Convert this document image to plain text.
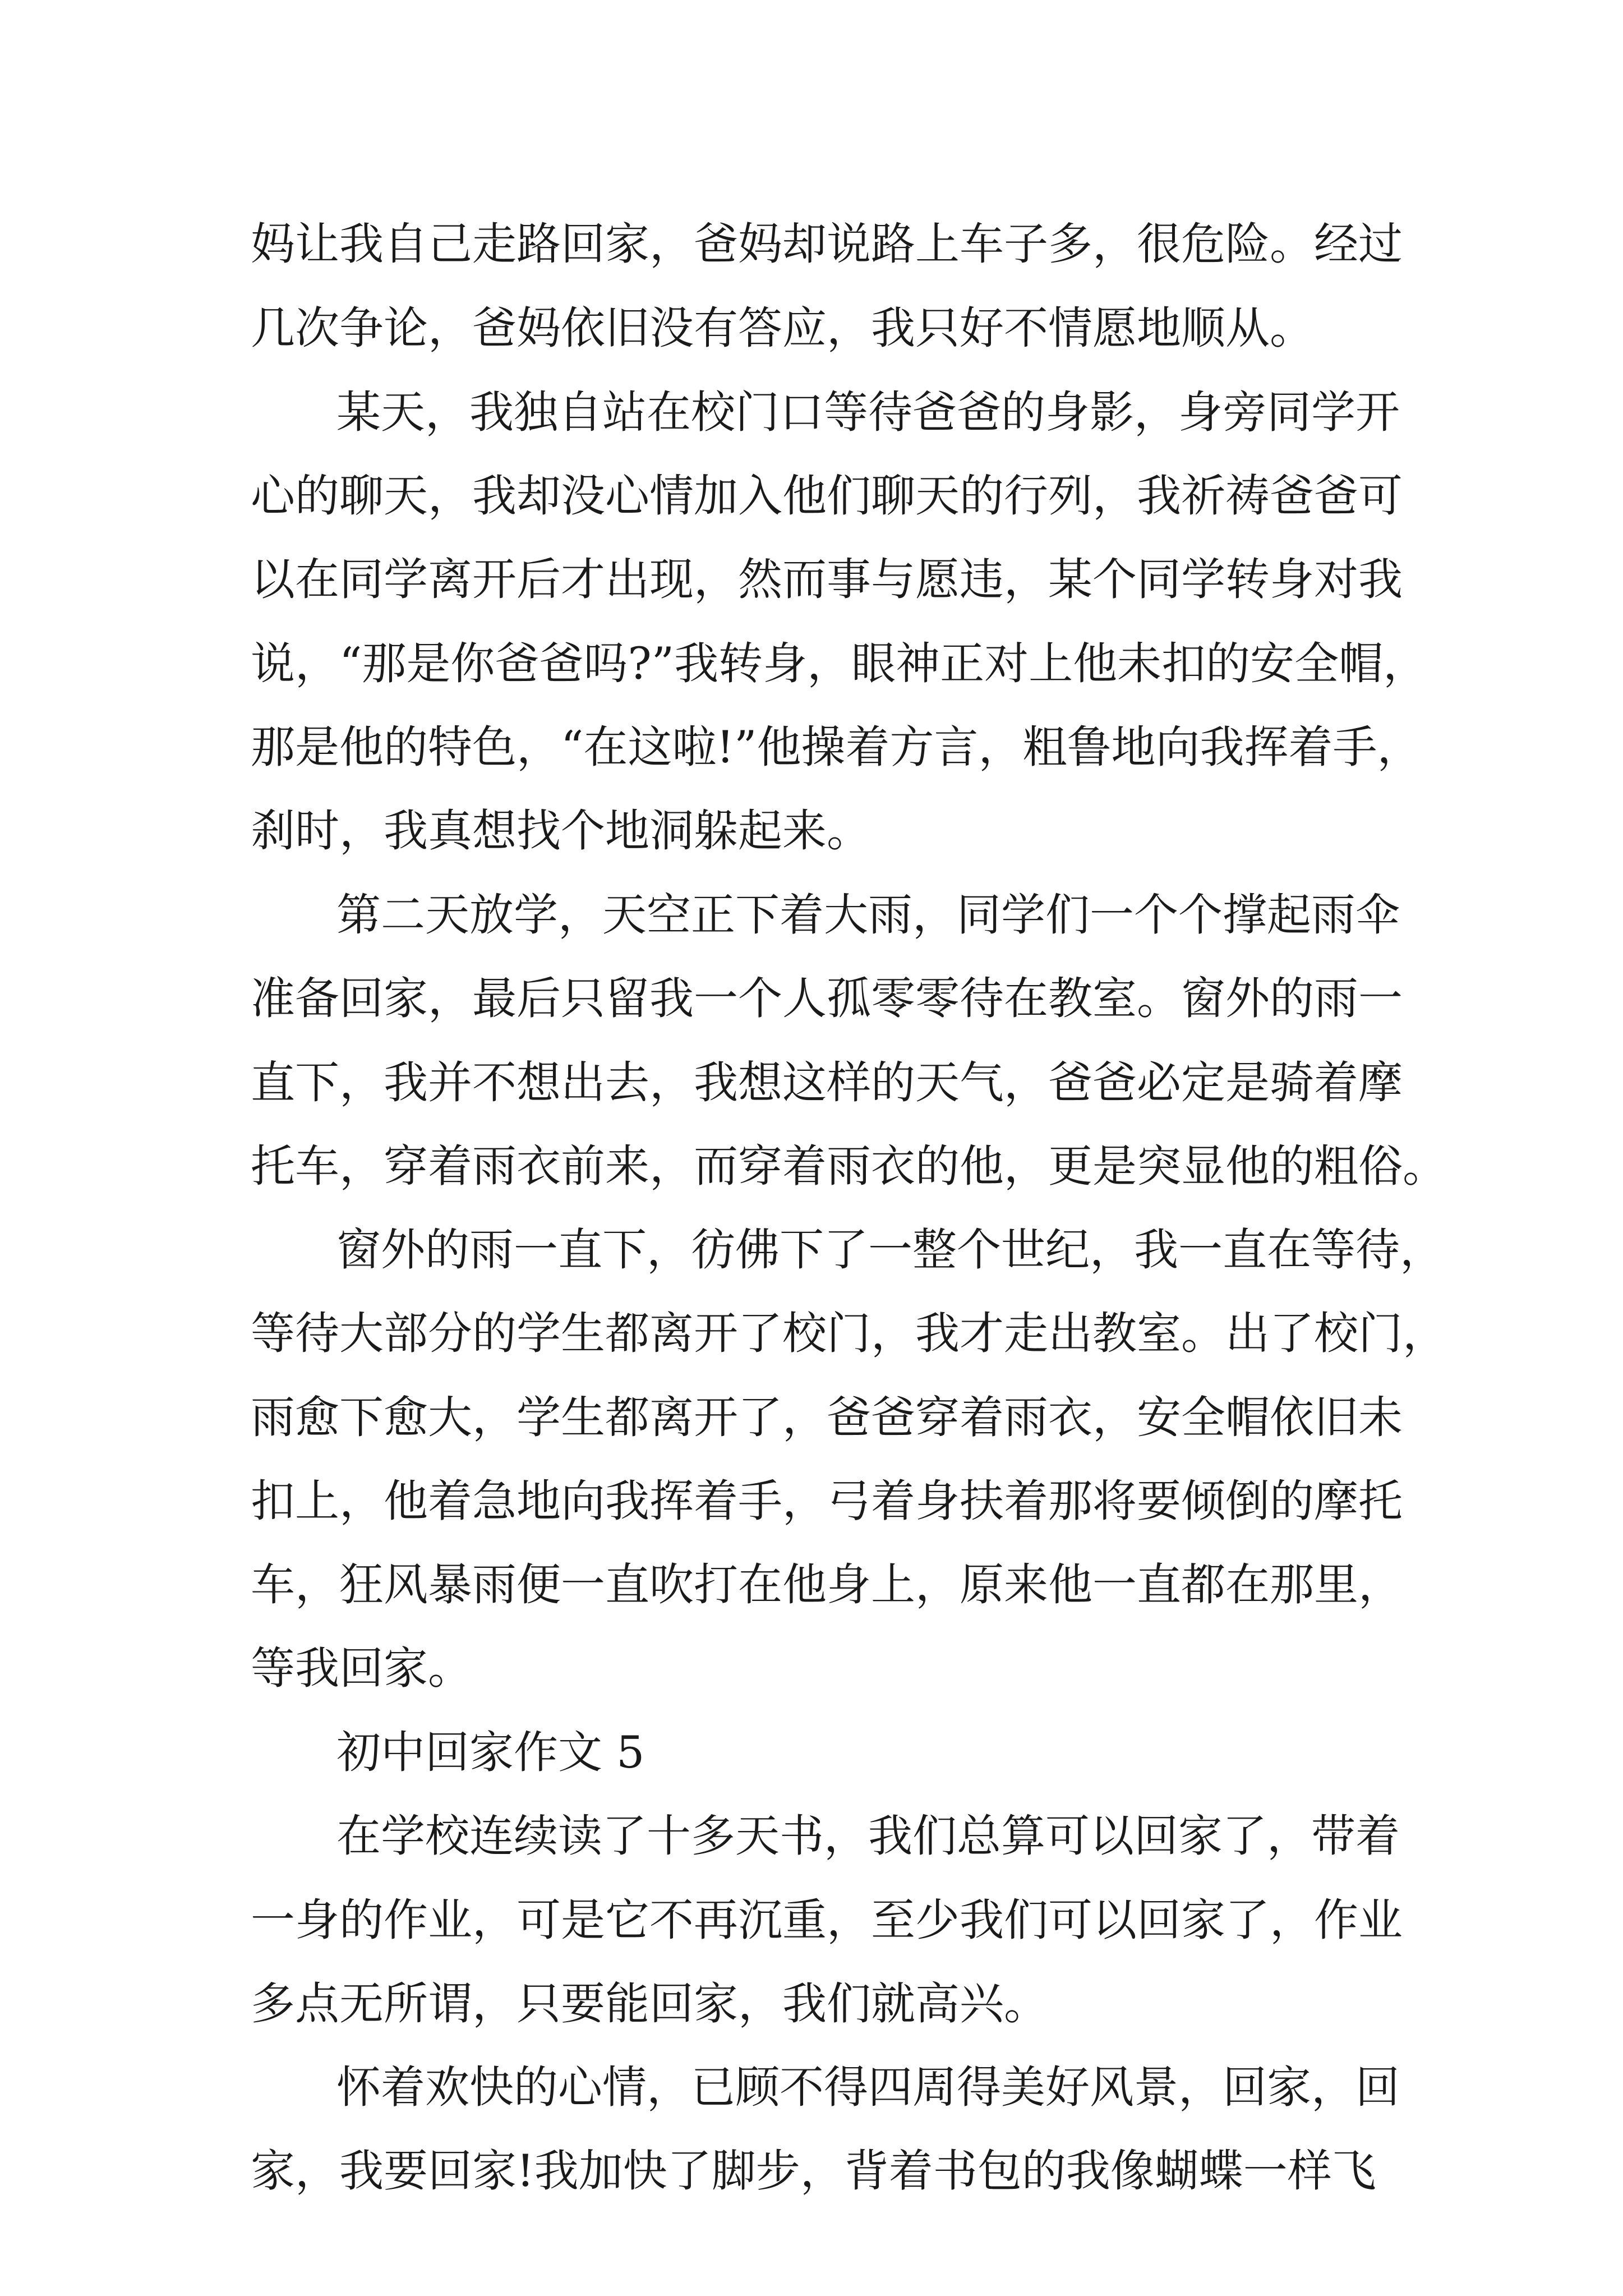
妈让我自己走路回家，爸妈却说路上车子多，很危险。经过

几次争论，爸妈依旧没有答应，我只好不情愿地顺从。

某天，我独自站在校门口等待爸爸的身影，身旁同学开

心的聊天，我却没心情加入他们聊天的行列，我祈祷爸爸可

以在同学离开后才出现，然而事与愿违，某个同学转身对我

说，“那是你爸爸吗?”我转身，眼神正对上他未扣的安全帽，

那是他的特色，“在这啦!”他操着方言，粗鲁地向我挥着手，

刹时，我真想找个地洞躲起来。

第二天放学，天空正下着大雨，同学们一个个撑起雨伞

准备回家，最后只留我一个人孤零零待在教室。窗外的雨一

直下，我并不想出去，我想这样的天气，爸爸必定是骑着摩

托车，穿着雨衣前来，而穿着雨衣的他，更是突显他的粗俗。

窗外的雨一直下，彷佛下了一整个世纪，我一直在等待，

等待大部分的学生都离开了校门，我才走出教室。出了校门，

雨愈下愈大，学生都离开了，爸爸穿着雨衣，安全帽依旧未

扣上，他着急地向我挥着手，弓着身扶着那将要倾倒的摩托

车，狂风暴雨便一直吹打在他身上，原来他一直都在那里，

等我回家。

初中回家作文 5

在学校连续读了十多天书，我们总算可以回家了，带着

一身的作业，可是它不再沉重，至少我们可以回家了，作业

多点无所谓，只要能回家，我们就高兴。

怀着欢快的心情，已顾不得四周得美好风景，回家，回

家，我要回家!我加快了脚步，背着书包的我像蝴蝶一样飞
